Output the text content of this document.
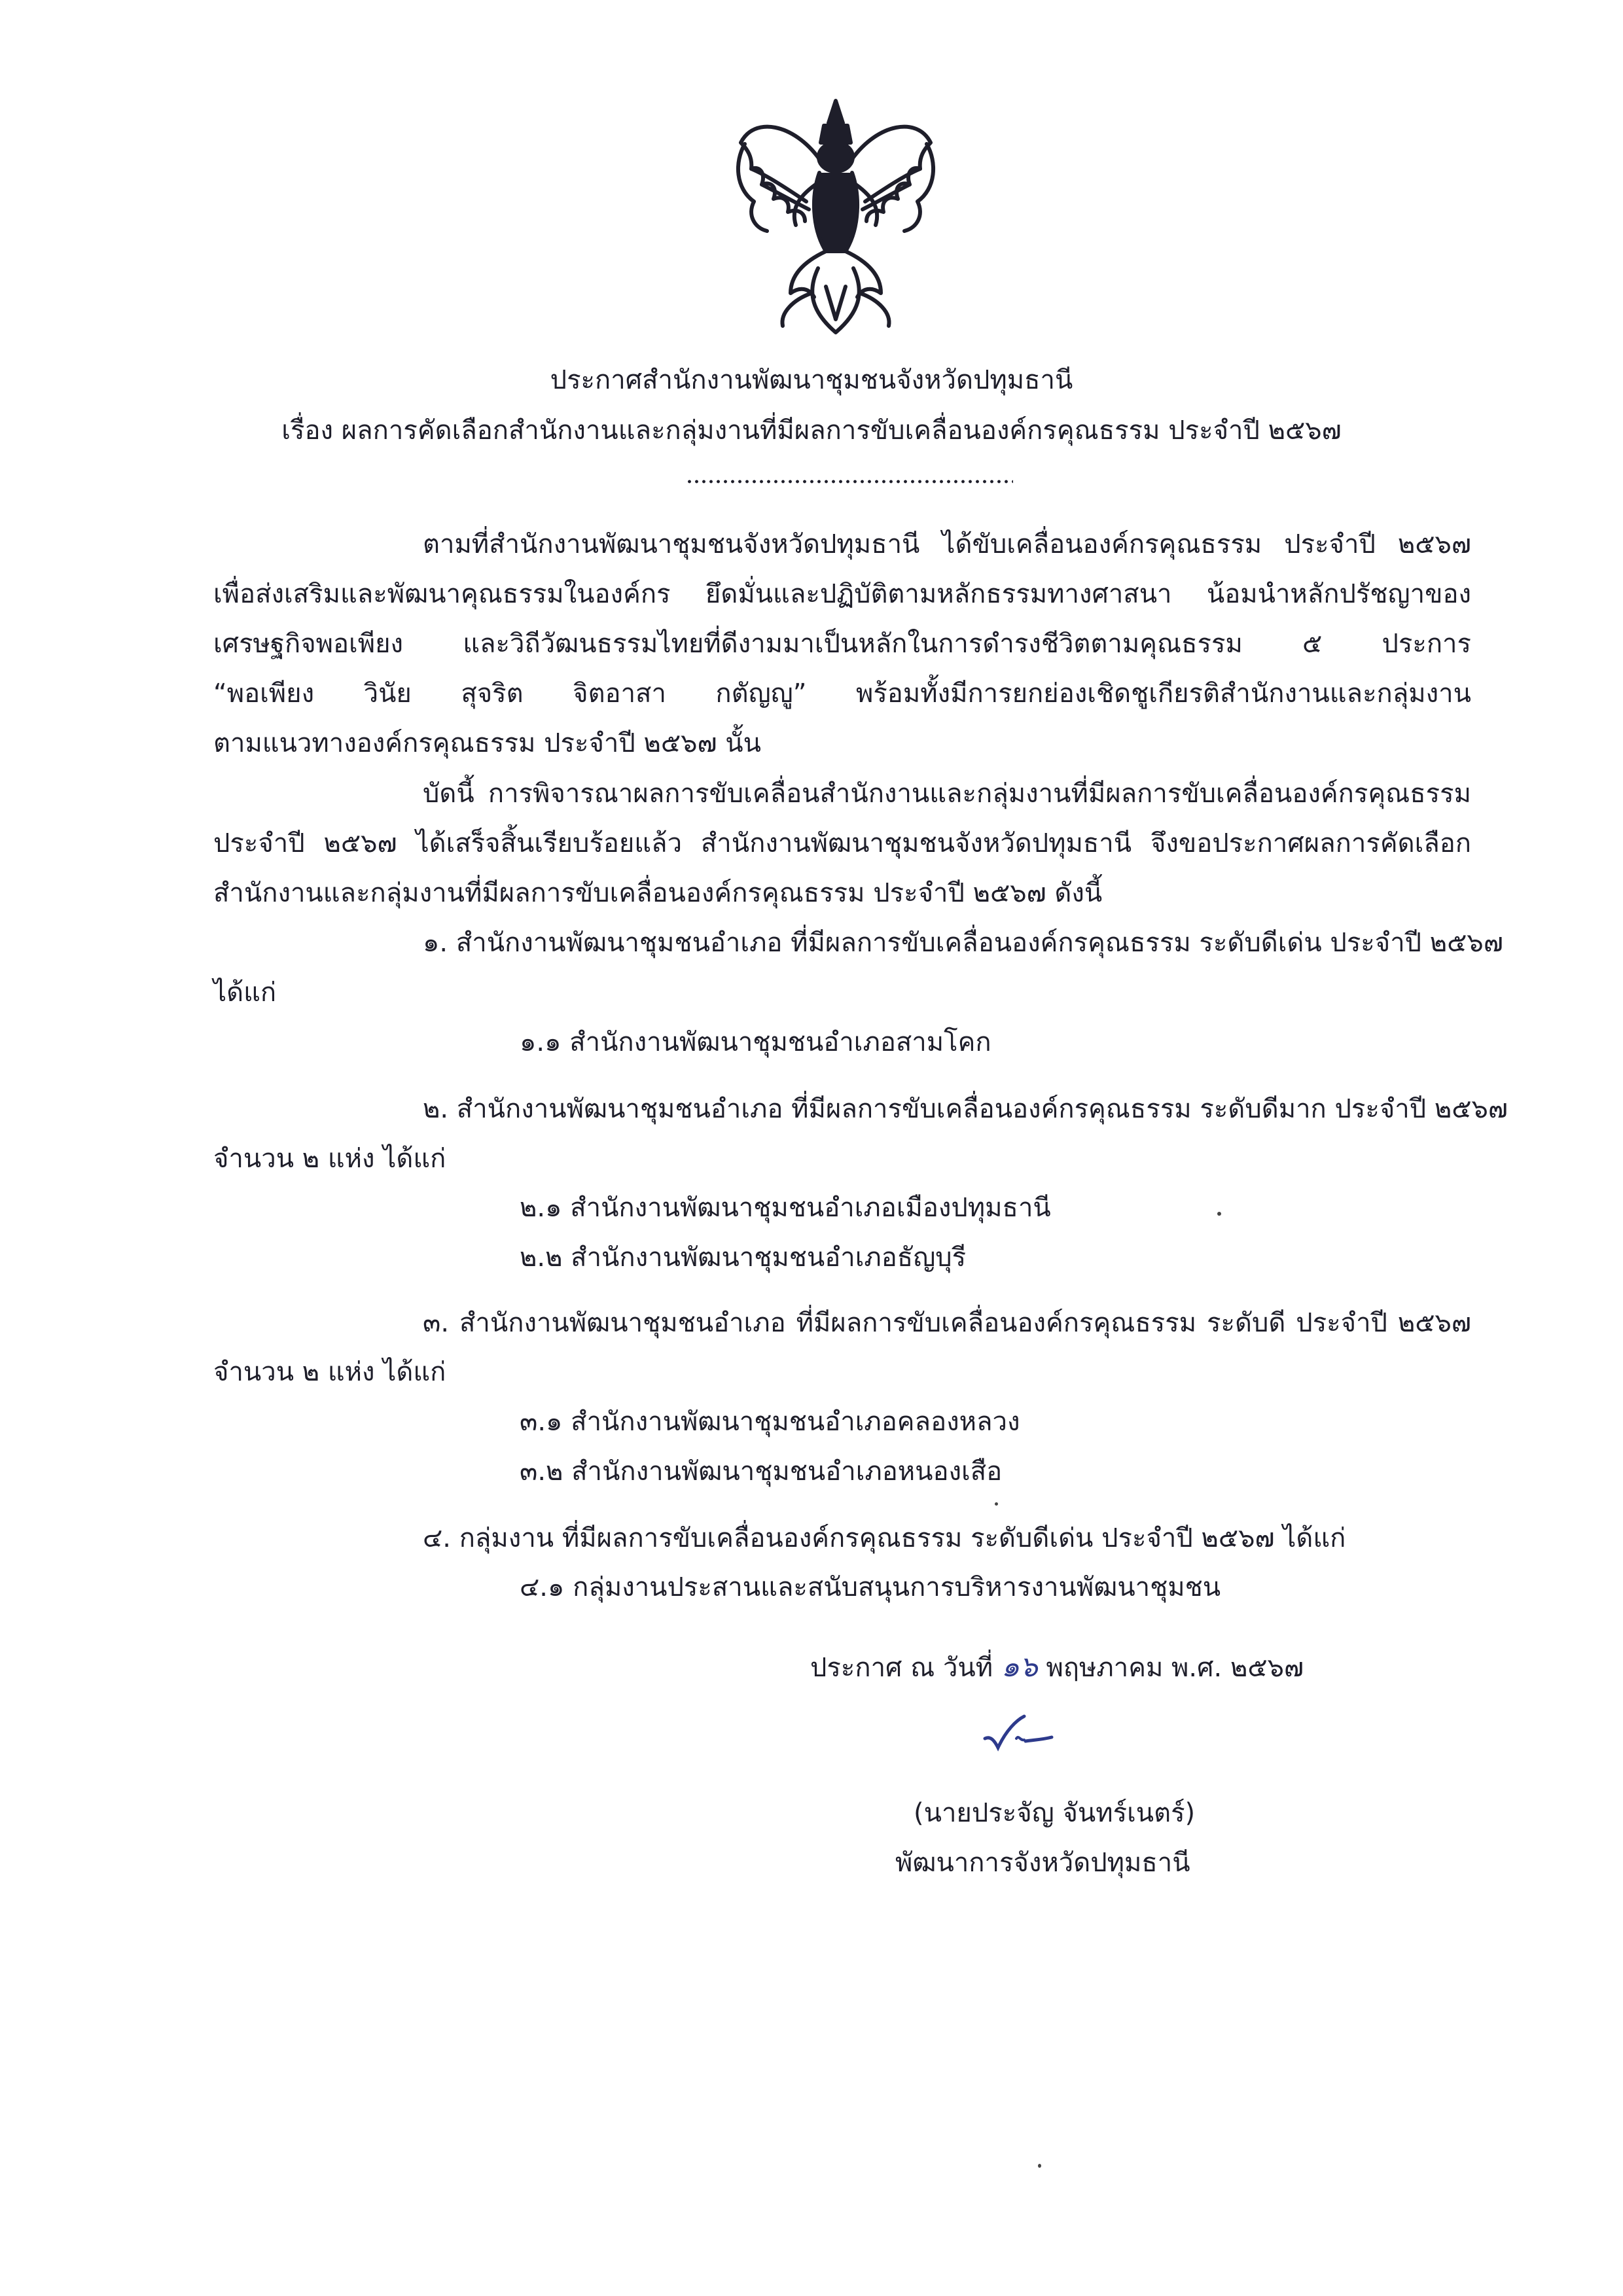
ประกาศสำนักงานพัฒนาชุมชนจังหวัดปทุมธานี
เรื่อง ผลการคัดเลือกสำนักงานและกลุ่มงานที่มีผลการขับเคลื่อนองค์กรคุณธรรม ประจำปี ๒๕๖๗
ตามที่สำนักงานพัฒนาชุมชนจังหวัดปทุมธานี ได้ขับเคลื่อนองค์กรคุณธรรม ประจำปี ๒๕๖๗
เพื่อส่งเสริมและพัฒนาคุณธรรมในองค์กร ยึดมั่นและปฏิบัติตามหลักธรรมทางศาสนา น้อมนำหลักปรัชญาของ
เศรษฐกิจพอเพียง และวิถีวัฒนธรรมไทยที่ดีงามมาเป็นหลักในการดำรงชีวิตตามคุณธรรม ๕ ประการ
“พอเพียง วินัย สุจริต จิตอาสา กตัญญู” พร้อมทั้งมีการยกย่องเชิดชูเกียรติสำนักงานและกลุ่มงาน
ตามแนวทางองค์กรคุณธรรม ประจำปี ๒๕๖๗ นั้น
บัดนี้ การพิจารณาผลการขับเคลื่อนสำนักงานและกลุ่มงานที่มีผลการขับเคลื่อนองค์กรคุณธรรม
ประจำปี ๒๕๖๗ ได้เสร็จสิ้นเรียบร้อยแล้ว สำนักงานพัฒนาชุมชนจังหวัดปทุมธานี จึงขอประกาศผลการคัดเลือก
สำนักงานและกลุ่มงานที่มีผลการขับเคลื่อนองค์กรคุณธรรม ประจำปี ๒๕๖๗ ดังนี้
๑. สำนักงานพัฒนาชุมชนอำเภอ ที่มีผลการขับเคลื่อนองค์กรคุณธรรม ระดับดีเด่น ประจำปี ๒๕๖๗
ได้แก่
๑.๑ สำนักงานพัฒนาชุมชนอำเภอสามโคก
๒. สำนักงานพัฒนาชุมชนอำเภอ ที่มีผลการขับเคลื่อนองค์กรคุณธรรม ระดับดีมาก ประจำปี ๒๕๖๗
จำนวน ๒ แห่ง ได้แก่
๒.๑ สำนักงานพัฒนาชุมชนอำเภอเมืองปทุมธานี
๒.๒ สำนักงานพัฒนาชุมชนอำเภอธัญบุรี
๓. สำนักงานพัฒนาชุมชนอำเภอ ที่มีผลการขับเคลื่อนองค์กรคุณธรรม ระดับดี ประจำปี ๒๕๖๗
จำนวน ๒ แห่ง ได้แก่
๓.๑ สำนักงานพัฒนาชุมชนอำเภอคลองหลวง
๓.๒ สำนักงานพัฒนาชุมชนอำเภอหนองเสือ
๔. กลุ่มงาน ที่มีผลการขับเคลื่อนองค์กรคุณธรรม ระดับดีเด่น ประจำปี ๒๕๖๗ ได้แก่
๔.๑ กลุ่มงานประสานและสนับสนุนการบริหารงานพัฒนาชุมชน
ประกาศ ณ วันที่ ๑๖ พฤษภาคม พ.ศ. ๒๕๖๗
(นายประจัญ จันทร์เนตร์)
พัฒนาการจังหวัดปทุมธานี
